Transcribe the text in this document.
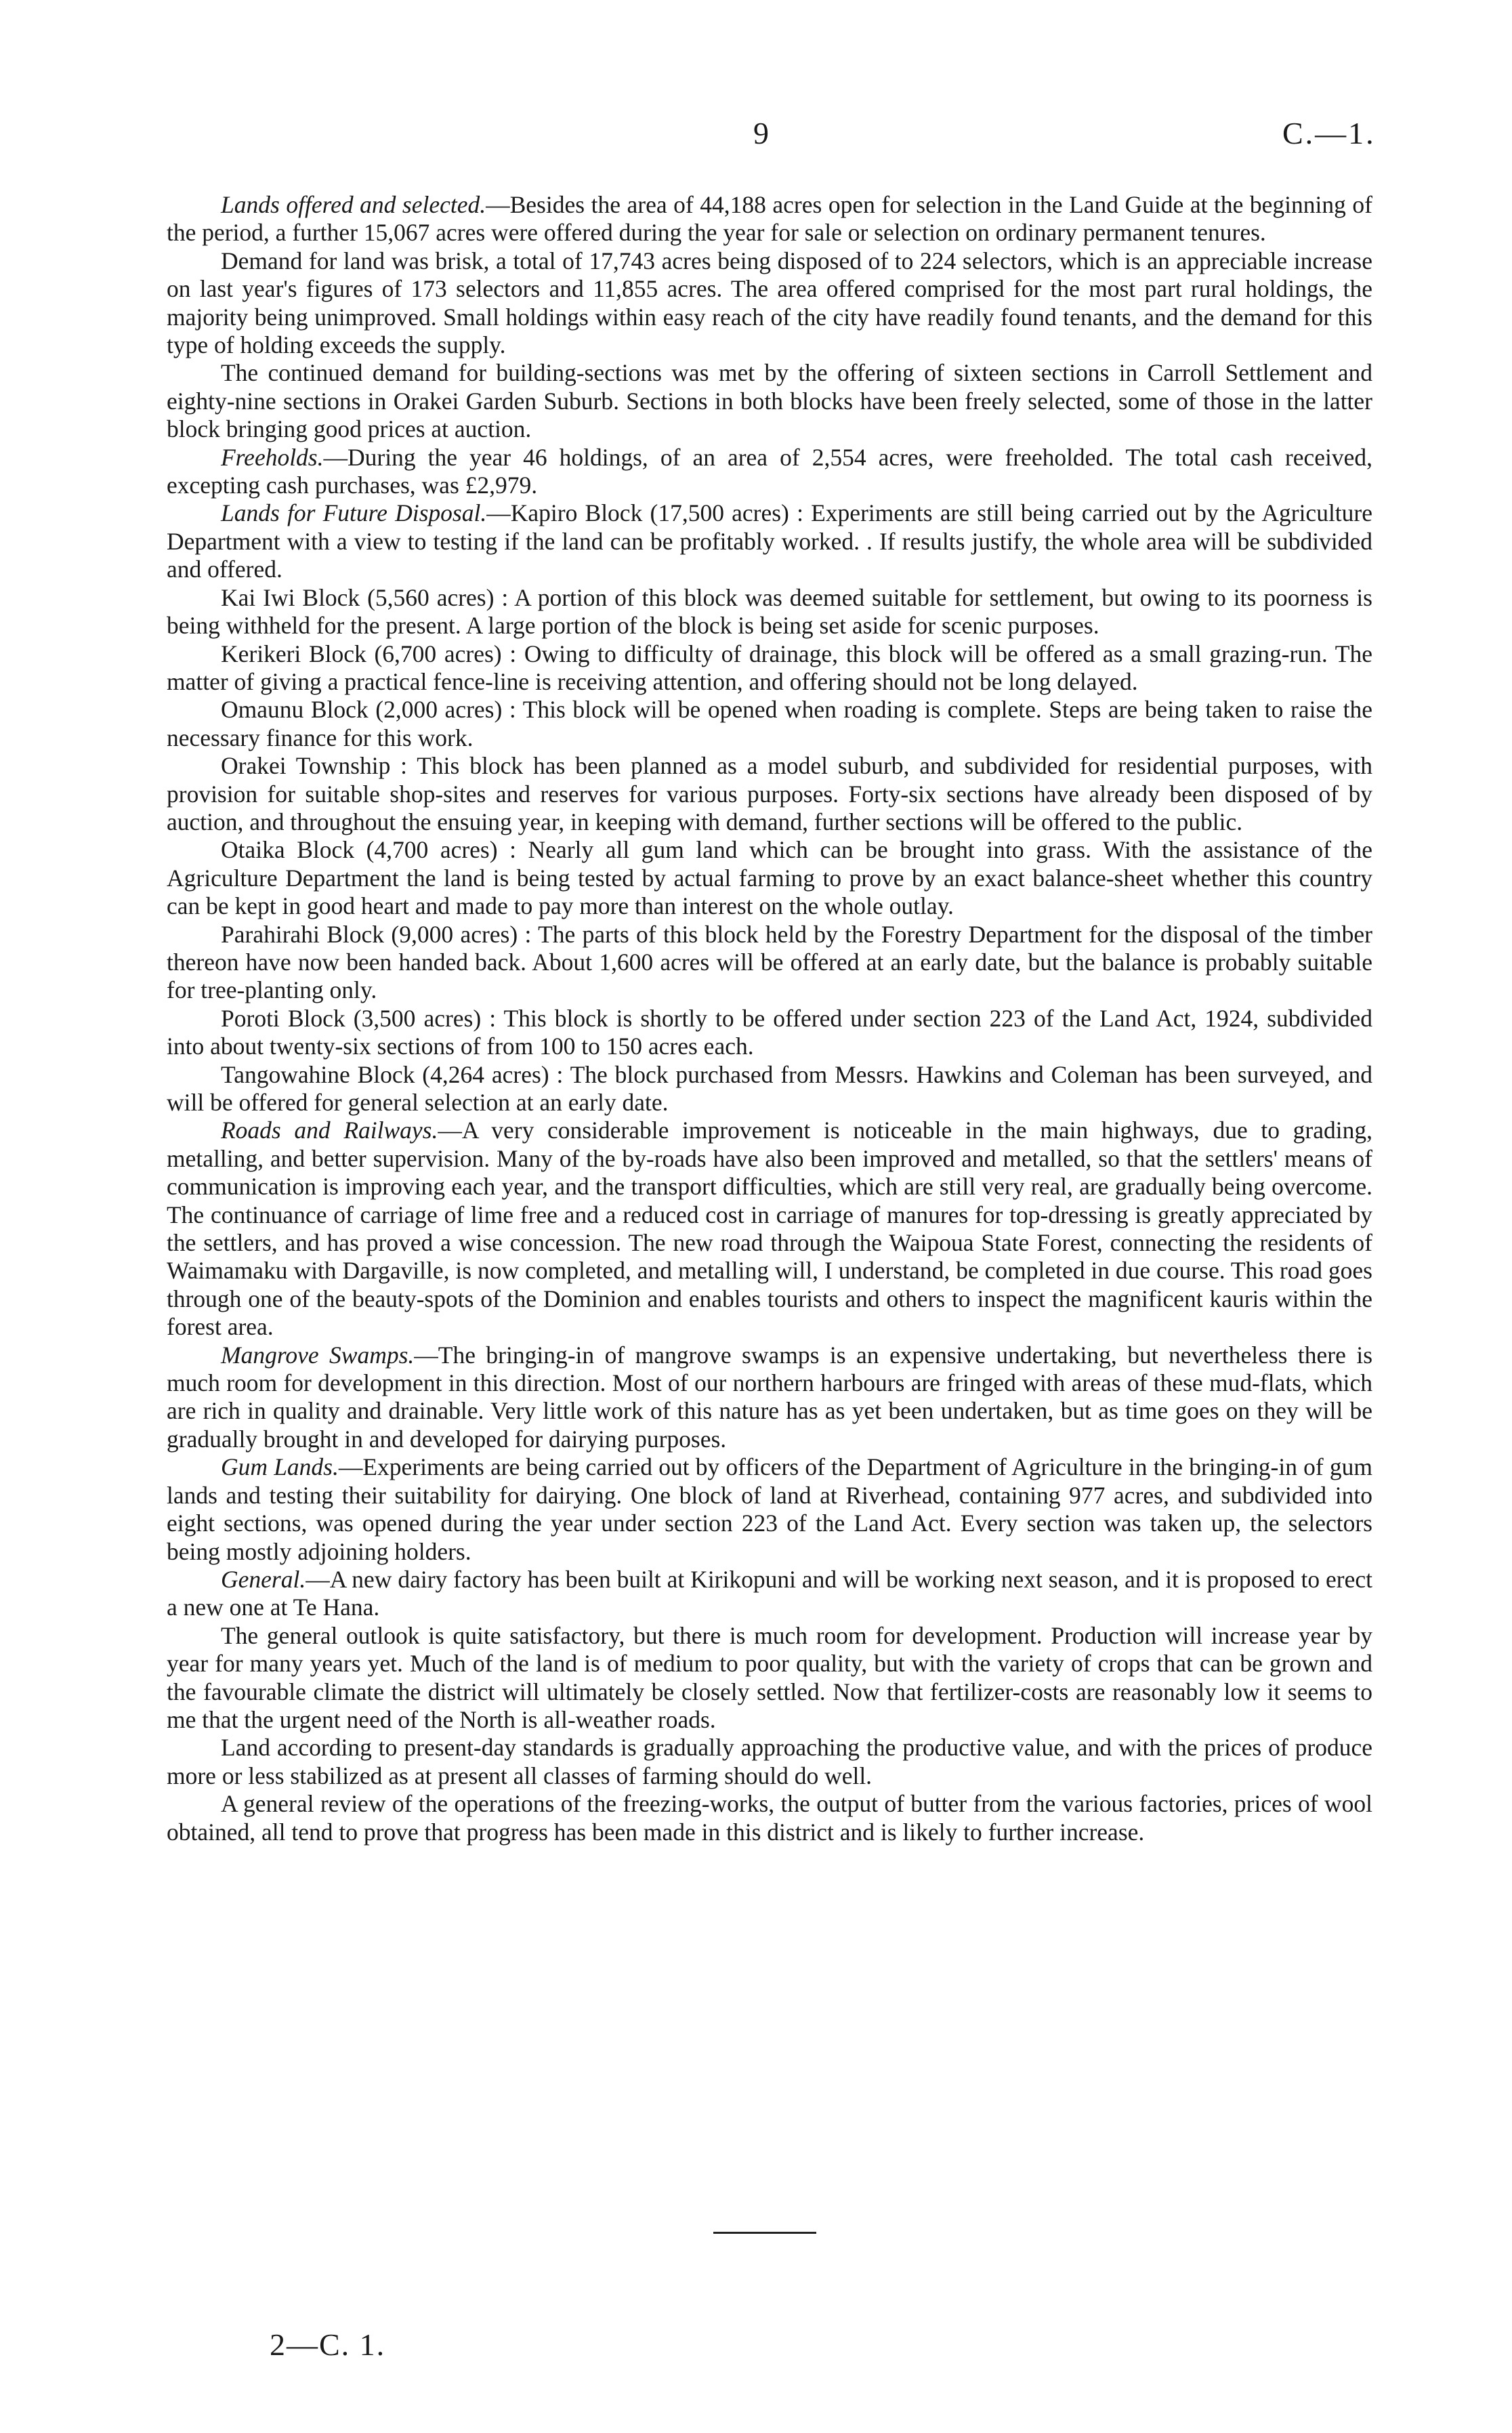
9	C.—1.

Lands offered and selected.—Besides the area of 44,188 acres open for selection in the Land Guide at the beginning of the period, a further 15,067 acres were offered during the year for sale or selection on ordinary permanent tenures.

Demand for land was brisk, a total of 17,743 acres being disposed of to 224 selectors, which is an appreciable increase on last year's figures of 173 selectors and 11,855 acres. The area offered comprised for the most part rural holdings, the majority being unimproved. Small holdings within easy reach of the city have readily found tenants, and the demand for this type of holding exceeds the supply.

The continued demand for building-sections was met by the offering of sixteen sections in Carroll Settlement and eighty-nine sections in Orakei Garden Suburb. Sections in both blocks have been freely selected, some of those in the latter block bringing good prices at auction.

Freeholds.—During the year 46 holdings, of an area of 2,554 acres, were freeholded. The total cash received, excepting cash purchases, was £2,979.

Lands for Future Disposal.—Kapiro Block (17,500 acres) : Experiments are still being carried out by the Agriculture Department with a view to testing if the land can be profitably worked. . If results justify, the whole area will be subdivided and offered.

Kai Iwi Block (5,560 acres) : A portion of this block was deemed suitable for settlement, but owing to its poorness is being withheld for the present. A large portion of the block is being set aside for scenic purposes.

Kerikeri Block (6,700 acres) : Owing to difficulty of drainage, this block will be offered as a small grazing-run. The matter of giving a practical fence-line is receiving attention, and offering should not be long delayed.

Omaunu Block (2,000 acres) : This block will be opened when roading is complete. Steps are being taken to raise the necessary finance for this work.

Orakei Township : This block has been planned as a model suburb, and subdivided for residential purposes, with provision for suitable shop-sites and reserves for various purposes. Forty-six sections have already been disposed of by auction, and throughout the ensuing year, in keeping with demand, further sections will be offered to the public.

Otaika Block (4,700 acres) : Nearly all gum land which can be brought into grass. With the assistance of the Agriculture Department the land is being tested by actual farming to prove by an exact balance-sheet whether this country can be kept in good heart and made to pay more than interest on the whole outlay.

Parahirahi Block (9,000 acres) : The parts of this block held by the Forestry Department for the disposal of the timber thereon have now been handed back. About 1,600 acres will be offered at an early date, but the balance is probably suitable for tree-planting only.

Poroti Block (3,500 acres) : This block is shortly to be offered under section 223 of the Land Act, 1924, subdivided into about twenty-six sections of from 100 to 150 acres each.

Tangowahine Block (4,264 acres) : The block purchased from Messrs. Hawkins and Coleman has been surveyed, and will be offered for general selection at an early date.

Roads and Railways.—A very considerable improvement is noticeable in the main highways, due to grading, metalling, and better supervision. Many of the by-roads have also been improved and metalled, so that the settlers' means of communication is improving each year, and the transport difficulties, which are still very real, are gradually being overcome. The continuance of carriage of lime free and a reduced cost in carriage of manures for top-dressing is greatly appreciated by the settlers, and has proved a wise concession. The new road through the Waipoua State Forest, connecting the residents of Waimamaku with Dargaville, is now completed, and metalling will, I understand, be completed in due course. This road goes through one of the beauty-spots of the Dominion and enables tourists and others to inspect the magnificent kauris within the forest area.

Mangrove Swamps.—The bringing-in of mangrove swamps is an expensive undertaking, but nevertheless there is much room for development in this direction. Most of our northern harbours are fringed with areas of these mud-flats, which are rich in quality and drainable. Very little work of this nature has as yet been undertaken, but as time goes on they will be gradually brought in and developed for dairying purposes.

Gum Lands.—Experiments are being carried out by officers of the Department of Agriculture in the bringing-in of gum lands and testing their suitability for dairying. One block of land at Riverhead, containing 977 acres, and subdivided into eight sections, was opened during the year under section 223 of the Land Act. Every section was taken up, the selectors being mostly adjoining holders.

General.—A new dairy factory has been built at Kirikopuni and will be working next season, and it is proposed to erect a new one at Te Hana.

The general outlook is quite satisfactory, but there is much room for development. Production will increase year by year for many years yet. Much of the land is of medium to poor quality, but with the variety of crops that can be grown and the favourable climate the district will ultimately be closely settled. Now that fertilizer-costs are reasonably low it seems to me that the urgent need of the North is all-weather roads.

Land according to present-day standards is gradually approaching the productive value, and with the prices of produce more or less stabilized as at present all classes of farming should do well.

A general review of the operations of the freezing-works, the output of butter from the various factories, prices of wool obtained, all tend to prove that progress has been made in this district and is likely to further increase.

2—C. 1.
